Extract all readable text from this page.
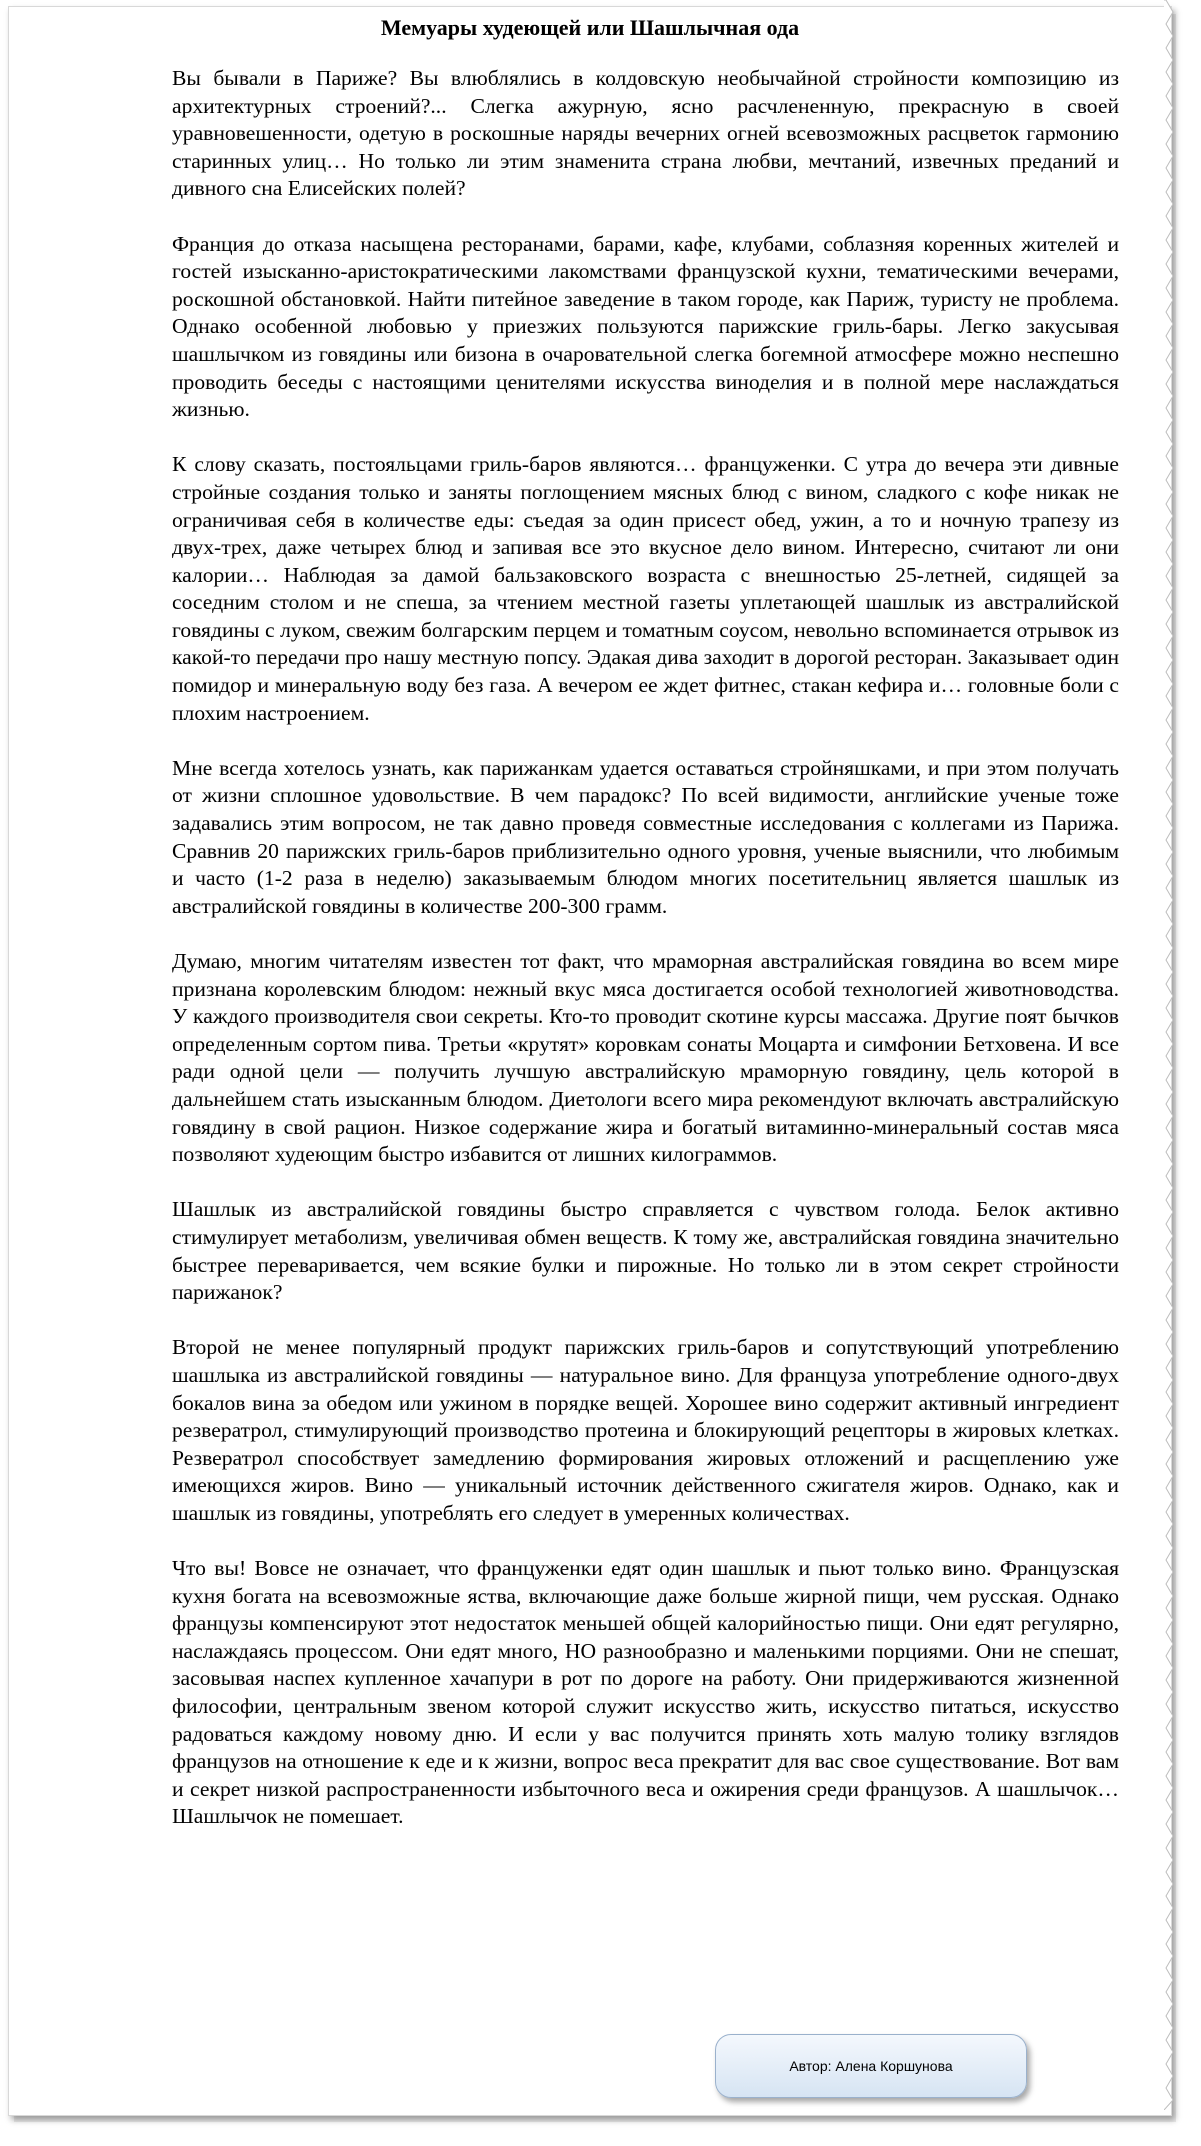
Мемуары худеющей или Шашлычная ода

Вы бывали в Париже? Вы влюблялись в колдовскую необычайной стройности композицию из архитектурных строений?... Слегка ажурную, ясно расчлененную, прекрасную в своей уравновешенности, одетую в роскошные наряды вечерних огней всевозможных расцветок гармонию старинных улиц… Но только ли этим знаменита страна любви, мечтаний, извечных преданий и дивного сна Елисейских полей?

Франция до отказа насыщена ресторанами, барами, кафе, клубами, соблазняя коренных жителей и гостей изысканно-аристократическими лакомствами французской кухни, тематическими вечерами, роскошной обстановкой. Найти питейное заведение в таком городе, как Париж, туристу не проблема. Однако особенной любовью у приезжих пользуются парижские гриль-бары. Легко закусывая шашлычком из говядины или бизона в очаровательной слегка богемной атмосфере можно неспешно проводить беседы с настоящими ценителями искусства виноделия и в полной мере наслаждаться жизнью.

К слову сказать, постояльцами гриль-баров являются… француженки. С утра до вечера эти дивные стройные создания только и заняты поглощением мясных блюд с вином, сладкого с кофе никак не ограничивая себя в количестве еды: съедая за один присест обед, ужин, а то и ночную трапезу из двух-трех, даже четырех блюд и запивая все это вкусное дело вином. Интересно, считают ли они калории… Наблюдая за дамой бальзаковского возраста с внешностью 25-летней, сидящей за соседним столом и не спеша, за чтением местной газеты уплетающей шашлык из австралийской говядины с луком, свежим болгарским перцем и томатным соусом, невольно вспоминается отрывок из какой-то передачи про нашу местную попсу. Эдакая дива заходит в дорогой ресторан. Заказывает один помидор и минеральную воду без газа. А вечером ее ждет фитнес, стакан кефира и… головные боли с плохим настроением.

Мне всегда хотелось узнать, как парижанкам удается оставаться стройняшками, и при этом получать от жизни сплошное удовольствие. В чем парадокс? По всей видимости, английские ученые тоже задавались этим вопросом, не так давно проведя совместные исследования с коллегами из Парижа. Сравнив 20 парижских гриль-баров приблизительно одного уровня, ученые выяснили, что любимым и часто (1-2 раза в неделю) заказываемым блюдом многих посетительниц является шашлык из австралийской говядины в количестве 200-300 грамм.

Думаю, многим читателям известен тот факт, что мраморная австралийская говядина во всем мире признана королевским блюдом: нежный вкус мяса достигается особой технологией животноводства. У каждого производителя свои секреты. Кто-то проводит скотине курсы массажа. Другие поят бычков определенным сортом пива. Третьи «крутят» коровкам сонаты Моцарта и симфонии Бетховена. И все ради одной цели — получить лучшую австралийскую мраморную говядину, цель которой в дальнейшем стать изысканным блюдом. Диетологи всего мира рекомендуют включать австралийскую говядину в свой рацион. Низкое содержание жира и богатый витаминно-минеральный состав мяса позволяют худеющим быстро избавится от лишних килограммов.

Шашлык из австралийской говядины быстро справляется с чувством голода. Белок активно стимулирует метаболизм, увеличивая обмен веществ. К тому же, австралийская говядина значительно быстрее переваривается, чем всякие булки и пирожные. Но только ли в этом секрет стройности парижанок?

Второй не менее популярный продукт парижских гриль-баров и сопутствующий употреблению шашлыка из австралийской говядины — натуральное вино. Для француза употребление одного-двух бокалов вина за обедом или ужином в порядке вещей. Хорошее вино содержит активный ингредиент резвератрол, стимулирующий производство протеина и блокирующий рецепторы в жировых клетках. Резвератрол способствует замедлению формирования жировых отложений и расщеплению уже имеющихся жиров. Вино — уникальный источник действенного сжигателя жиров. Однако, как и шашлык из говядины, употреблять его следует в умеренных количествах.

Что вы! Вовсе не означает, что француженки едят один шашлык и пьют только вино. Французская кухня богата на всевозможные яства, включающие даже больше жирной пищи, чем русская. Однако французы компенсируют этот недостаток меньшей общей калорийностью пищи. Они едят регулярно, наслаждаясь процессом. Они едят много, НО разнообразно и маленькими порциями. Они не спешат, засовывая наспех купленное хачапури в рот по дороге на работу. Они придерживаются жизненной философии, центральным звеном которой служит искусство жить, искусство питаться, искусство радоваться каждому новому дню. И если у вас получится принять хоть малую толику взглядов французов на отношение к еде и к жизни, вопрос веса прекратит для вас свое существование. Вот вам и секрет низкой распространенности избыточного веса и ожирения среди французов. А шашлычок… Шашлычок не помешает.

Автор: Алена Коршунова
